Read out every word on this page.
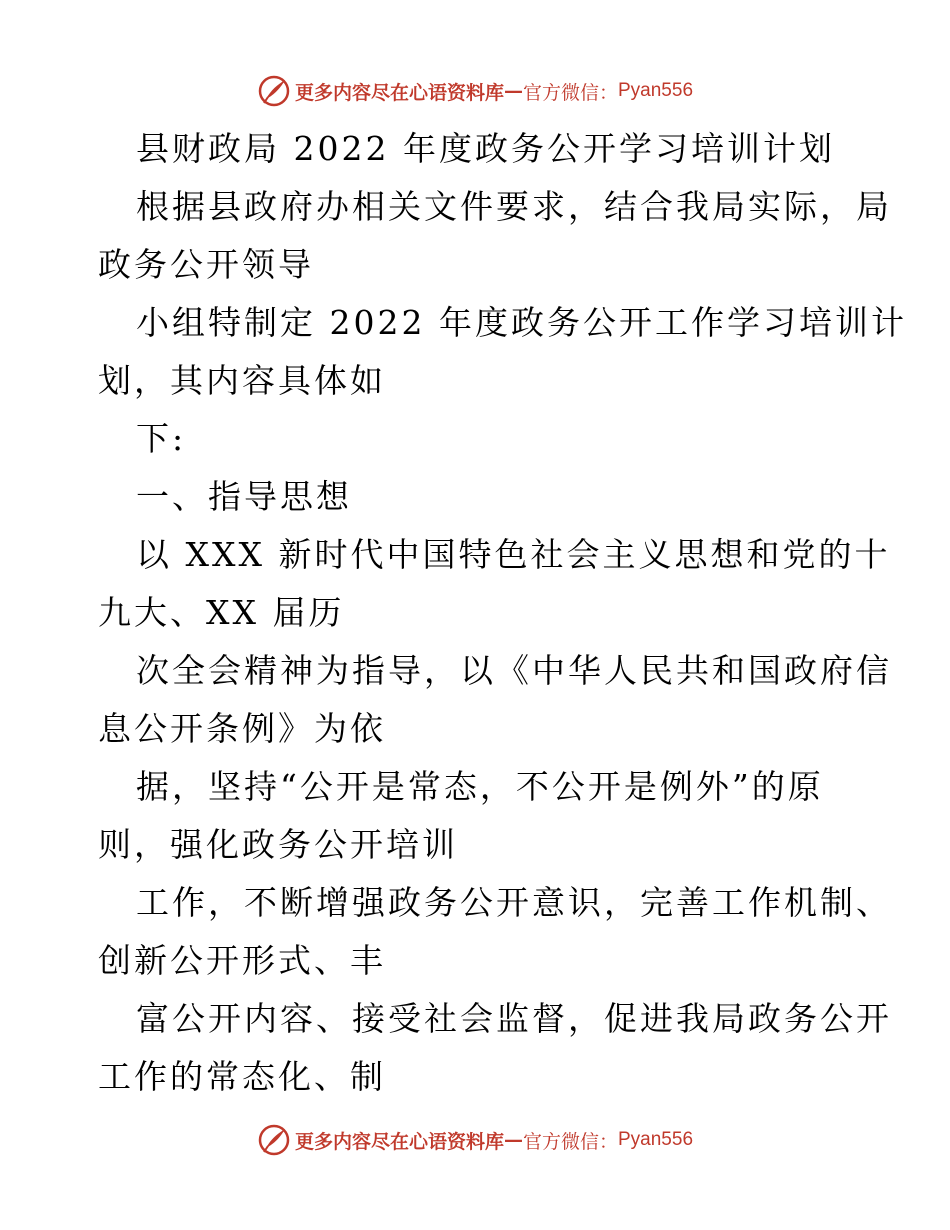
更多内容尽在心语资料库 — 官方微信： Pyan556
县财政局 2022 年度政务公开学习培训计划
根据县政府办相关文件要求，结合我局实际，局
政务公开领导
小组特制定 2022 年度政务公开工作学习培训计
划，其内容具体如
下:
一、指导思想
以 XXX 新时代中国特色社会主义思想和党的十
九大、XX 届历
次全会精神为指导，以《中华人民共和国政府信
息公开条例》为依
据，坚持“公开是常态，不公开是例外”的原
则，强化政务公开培训
工作，不断增强政务公开意识，完善工作机制、
创新公开形式、丰
富公开内容、接受社会监督，促进我局政务公开
工作的常态化、制
更多内容尽在心语资料库 — 官方微信： Pyan556
